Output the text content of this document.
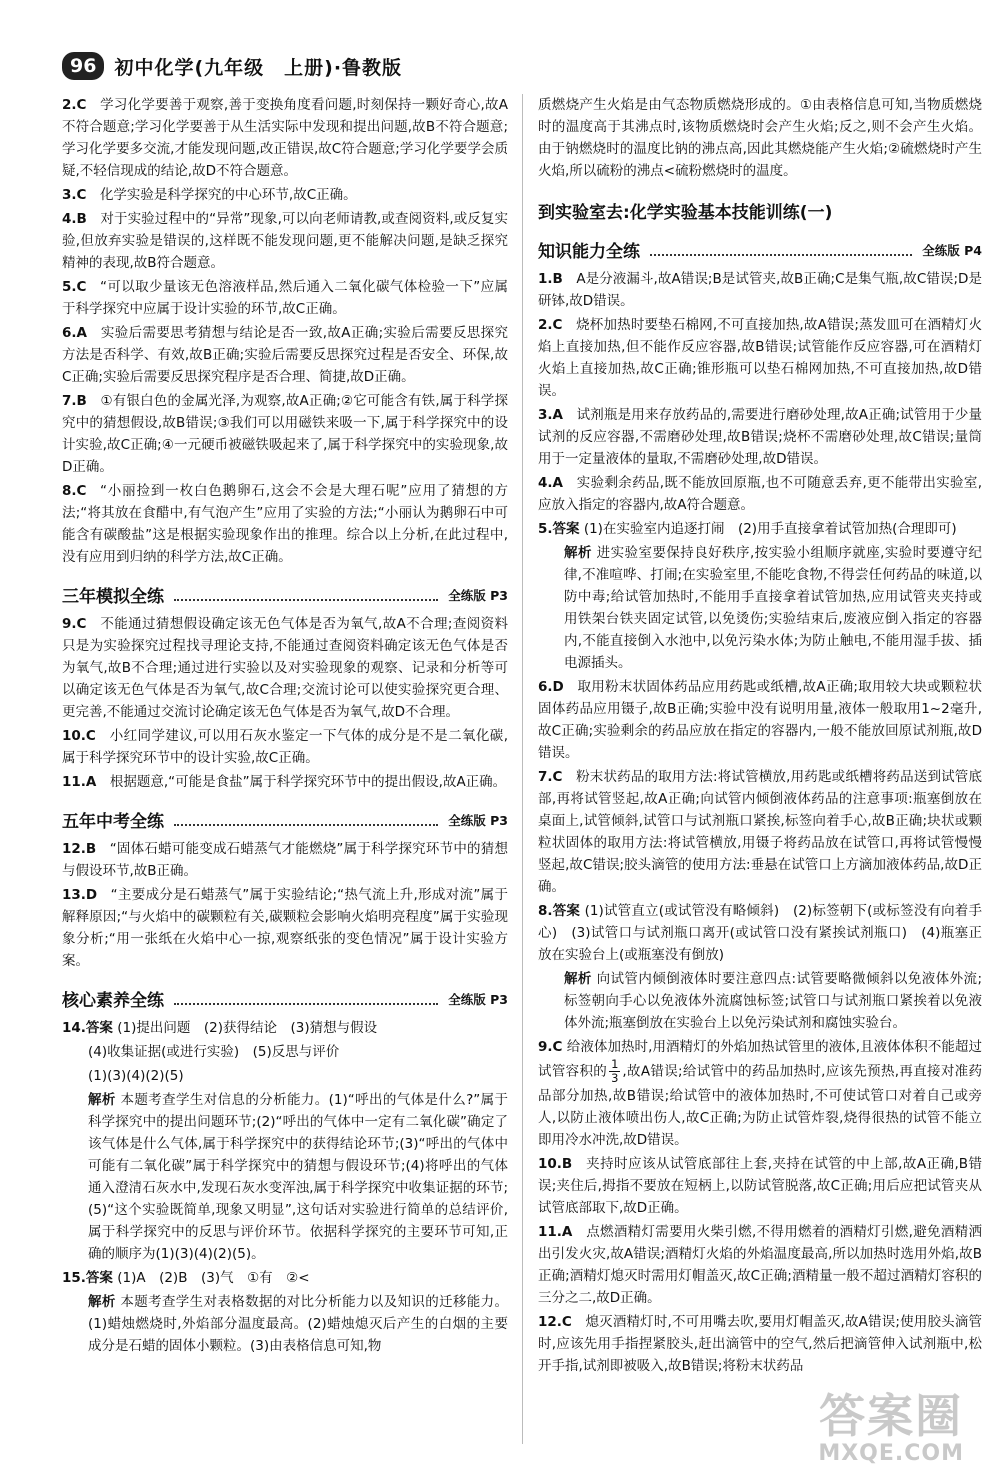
96 初中化学(九年级　上册)·鲁教版
2.C  学习化学要善于观察,善于变换角度看问题,时刻保持一颗好奇心,故A不符合题意;学习化学要善于从生活实际中发现和提出问题,故B不符合题意;学习化学要多交流,才能发现问题,改正错误,故C符合题意;学习化学要学会质疑,不轻信现成的结论,故D不符合题意。
3.C  化学实验是科学探究的中心环节,故C正确。
4.B  对于实验过程中的“异常”现象,可以向老师请教,或查阅资料,或反复实验,但放弃实验是错误的,这样既不能发现问题,更不能解决问题,是缺乏探究精神的表现,故B符合题意。
5.C  “可以取少量该无色溶液样品,然后通入二氧化碳气体检验一下”应属于科学探究中应属于设计实验的环节,故C正确。
6.A  实验后需要思考猜想与结论是否一致,故A正确;实验后需要反思探究方法是否科学、有效,故B正确;实验后需要反思探究过程是否安全、环保,故C正确;实验后需要反思探究程序是否合理、简捷,故D正确。
7.B  ①有银白色的金属光泽,为观察,故A正确;②它可能含有铁,属于科学探究中的猜想假设,故B错误;③我们可以用磁铁来吸一下,属于科学探究中的设计实验,故C正确;④一元硬币被磁铁吸起来了,属于科学探究中的实验现象,故D正确。
8.C  “小丽捡到一枚白色鹅卵石,这会不会是大理石呢”应用了猜想的方法;“将其放在食醋中,有气泡产生”应用了实验的方法;“小丽认为鹅卵石中可能含有碳酸盐”这是根据实验现象作出的推理。综合以上分析,在此过程中,没有应用到归纳的科学方法,故C正确。
三年模拟全练	全练版 P3
9.C  不能通过猜想假设确定该无色气体是否为氧气,故A不合理;查阅资料只是为实验探究过程找寻理论支持,不能通过查阅资料确定该无色气体是否为氧气,故B不合理;通过进行实验以及对实验现象的观察、记录和分析等可以确定该无色气体是否为氧气,故C合理;交流讨论可以使实验探究更合理、更完善,不能通过交流讨论确定该无色气体是否为氧气,故D不合理。
10.C  小红同学建议,可以用石灰水鉴定一下气体的成分是不是二氧化碳,属于科学探究环节中的设计实验,故C正确。
11.A  根据题意,“可能是食盐”属于科学探究环节中的提出假设,故A正确。
五年中考全练	全练版 P3
12.B  “固体石蜡可能变成石蜡蒸气才能燃烧”属于科学探究环节中的猜想与假设环节,故B正确。
13.D  “主要成分是石蜡蒸气”属于实验结论;“热气流上升,形成对流”属于解释原因;“与火焰中的碳颗粒有关,碳颗粒会影响火焰明亮程度”属于实验现象分析;“用一张纸在火焰中心一掠,观察纸张的变色情况”属于设计实验方案。
核心素养全练	全练版 P3
14.答案 (1)提出问题　(2)获得结论　(3)猜想与假设
(4)收集证据(或进行实验)　(5)反思与评价
(1)(3)(4)(2)(5)
解析 本题考查学生对信息的分析能力。(1)“呼出的气体是什么?”属于科学探究中的提出问题环节;(2)“呼出的气体中一定有二氧化碳”确定了该气体是什么气体,属于科学探究中的获得结论环节;(3)“呼出的气体中可能有二氧化碳”属于科学探究中的猜想与假设环节;(4)将呼出的气体通入澄清石灰水中,发现石灰水变浑浊,属于科学探究中收集证据的环节;(5)“这个实验既简单,现象又明显”,这句话对实验进行简单的总结评价,属于科学探究中的反思与评价环节。依据科学探究的主要环节可知,正确的顺序为(1)(3)(4)(2)(5)。
15.答案 (1)A　(2)B　(3)气　①有　②<
解析 本题考查学生对表格数据的对比分析能力以及知识的迁移能力。(1)蜡烛燃烧时,外焰部分温度最高。(2)蜡烛熄灭后产生的白烟的主要成分是石蜡的固体小颗粒。(3)由表格信息可知,物
质燃烧产生火焰是由气态物质燃烧形成的。①由表格信息可知,当物质燃烧时的温度高于其沸点时,该物质燃烧时会产生火焰;反之,则不会产生火焰。由于钠燃烧时的温度比钠的沸点高,因此其燃烧能产生火焰;②硫燃烧时产生火焰,所以硫粉的沸点<硫粉燃烧时的温度。
到实验室去:化学实验基本技能训练(一)
知识能力全练	全练版 P4
1.B  A是分液漏斗,故A错误;B是试管夹,故B正确;C是集气瓶,故C错误;D是研钵,故D错误。
2.C  烧杯加热时要垫石棉网,不可直接加热,故A错误;蒸发皿可在酒精灯火焰上直接加热,但不能作反应容器,故B错误;试管能作反应容器,可在酒精灯火焰上直接加热,故C正确;锥形瓶可以垫石棉网加热,不可直接加热,故D错误。
3.A  试剂瓶是用来存放药品的,需要进行磨砂处理,故A正确;试管用于少量试剂的反应容器,不需磨砂处理,故B错误;烧杯不需磨砂处理,故C错误;量筒用于一定量液体的量取,不需磨砂处理,故D错误。
4.A  实验剩余药品,既不能放回原瓶,也不可随意丢弃,更不能带出实验室,应放入指定的容器内,故A符合题意。
5.答案 (1)在实验室内追逐打闹　(2)用手直接拿着试管加热(合理即可)
解析 进实验室要保持良好秩序,按实验小组顺序就座,实验时要遵守纪律,不准喧哗、打闹;在实验室里,不能吃食物,不得尝任何药品的味道,以防中毒;给试管加热时,不能用手直接拿着试管加热,应用试管夹夹持或用铁架台铁夹固定试管,以免烫伤;实验结束后,废液应倒入指定的容器内,不能直接倒入水池中,以免污染水体;为防止触电,不能用湿手拔、插电源插头。
6.D  取用粉末状固体药品应用药匙或纸槽,故A正确;取用较大块或颗粒状固体药品应用镊子,故B正确;实验中没有说明用量,液体一般取用1~2毫升,故C正确;实验剩余的药品应放在指定的容器内,一般不能放回原试剂瓶,故D错误。
7.C  粉末状药品的取用方法:将试管横放,用药匙或纸槽将药品送到试管底部,再将试管竖起,故A正确;向试管内倾倒液体药品的注意事项:瓶塞倒放在桌面上,试管倾斜,试管口与试剂瓶口紧挨,标签向着手心,故B正确;块状或颗粒状固体的取用方法:将试管横放,用镊子将药品放在试管口,再将试管慢慢竖起,故C错误;胶头滴管的使用方法:垂悬在试管口上方滴加液体药品,故D正确。
8.答案 (1)试管直立(或试管没有略倾斜)　(2)标签朝下(或标签没有向着手心)　(3)试管口与试剂瓶口离开(或试管口没有紧挨试剂瓶口)　(4)瓶塞正放在实验台上(或瓶塞没有倒放)
解析 向试管内倾倒液体时要注意四点:试管要略微倾斜以免液体外流;标签朝向手心以免液体外流腐蚀标签;试管口与试剂瓶口紧挨着以免液体外流;瓶塞倒放在实验台上以免污染试剂和腐蚀实验台。
9.C 给液体加热时,用酒精灯的外焰加热试管里的液体,且液体体积不能超过试管容积的 $\frac{1}{3}$ ,故A错误;给试管中的药品加热时,应该先预热,再直接对准药品部分加热,故B错误;给试管中的液体加热时,不可使试管口对着自己或旁人,以防止液体喷出伤人,故C正确;为防止试管炸裂,烧得很热的试管不能立即用冷水冲洗,故D错误。
10.B  夹持时应该从试管底部往上套,夹持在试管的中上部,故A正确,B错误;夹住后,拇指不要放在短柄上,以防试管脱落,故C正确;用后应把试管夹从试管底部取下,故D正确。
11.A  点燃酒精灯需要用火柴引燃,不得用燃着的酒精灯引燃,避免酒精洒出引发火灾,故A错误;酒精灯火焰的外焰温度最高,所以加热时选用外焰,故B正确;酒精灯熄灭时需用灯帽盖灭,故C正确;酒精量一般不超过酒精灯容积的三分之二,故D正确。
12.C  熄灭酒精灯时,不可用嘴去吹,要用灯帽盖灭,故A错误;使用胶头滴管时,应该先用手指捏紧胶头,赶出滴管中的空气,然后把滴管伸入试剂瓶中,松开手指,试剂即被吸入,故B错误;将粉末状药品
答案圈
MXQE.COM
